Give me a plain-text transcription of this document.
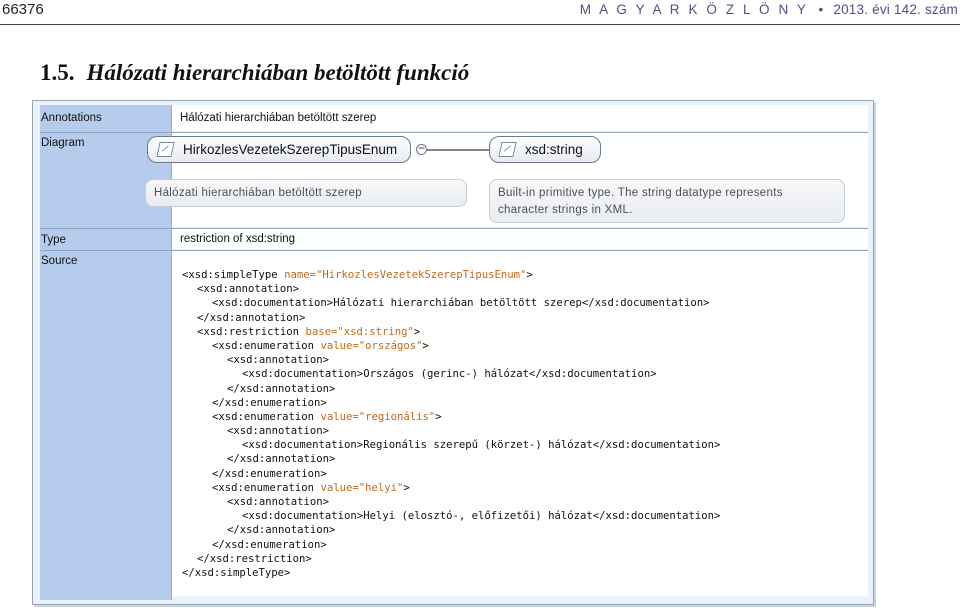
66376	M A G Y A R K Ö Z L Ö N Y • 2013. évi 142. szám
1.5. Hálózati hierarchiában betöltött funkció
Annotations	Hálózati hierarchiában betöltött szerep
Diagram	HirkozlesVezetekSzerepTipusEnum −	xsd:string
Hálózati hierarchiában betöltött szerep	Built-in primitive type. The string datatype represents
character strings in XML.
Type	restriction of xsd:string
Source
<xsd:simpleType name="HirkozlesVezetekSzerepTipusEnum">
<xsd:annotation>
<xsd:documentation>Hálózati hierarchiában betöltött szerep</xsd:documentation>
</xsd:annotation>
<xsd:restriction base="xsd:string">
<xsd:enumeration value="országos">
<xsd:annotation>
<xsd:documentation>Országos (gerinc-) hálózat</xsd:documentation>
</xsd:annotation>
</xsd:enumeration>
<xsd:enumeration value="regionális">
<xsd:annotation>
<xsd:documentation>Regionális szerepű (körzet-) hálózat</xsd:documentation>
</xsd:annotation>
</xsd:enumeration>
<xsd:enumeration value="helyi">
<xsd:annotation>
<xsd:documentation>Helyi (elosztó-, előfizetői) hálózat</xsd:documentation>
</xsd:annotation>
</xsd:enumeration>
</xsd:restriction>
</xsd:simpleType>
